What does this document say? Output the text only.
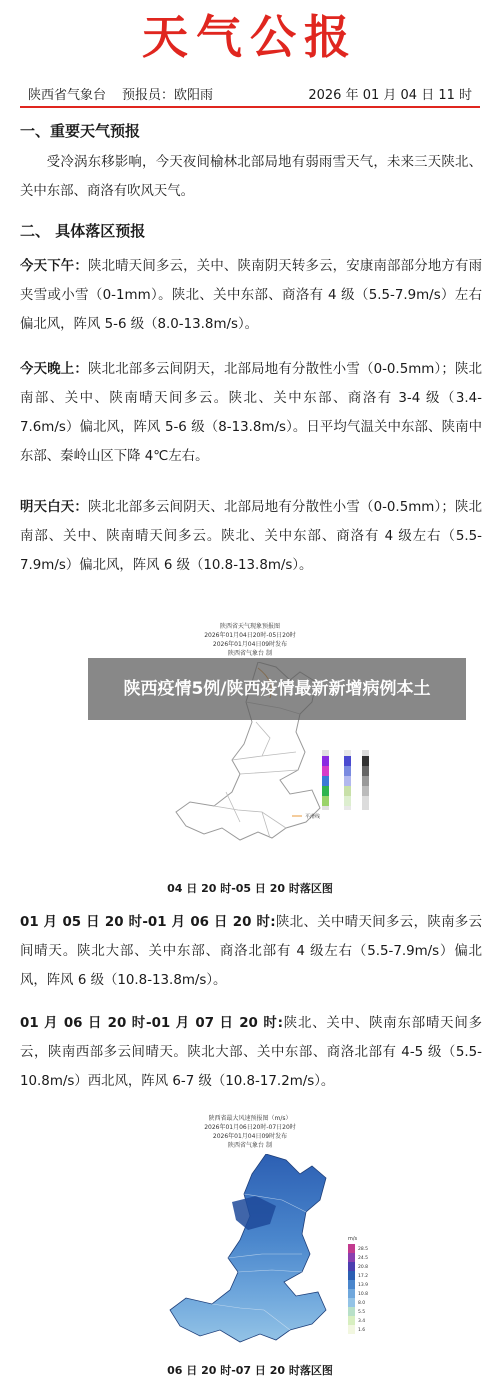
天气公报
陕西省气象台 预报员：欧阳雨	2026 年 01 月 04 日 11 时
一、重要天气预报
受冷涡东移影响，今天夜间榆林北部局地有弱雨雪天气，未来三天陕北、关中东部、商洛有吹风天气。
二、 具体落区预报
今天下午：陕北晴天间多云，关中、陕南阴天转多云，安康南部部分地方有雨夹雪或小雪（0-1mm）。陕北、关中东部、商洛有 4 级（5.5-7.9m/s）左右偏北风，阵风 5-6 级（8.0-13.8m/s）。
今天晚上：陕北北部多云间阴天，北部局地有分散性小雪（0-0.5mm）；陕北南部、关中、陕南晴天间多云。陕北、关中东部、商洛有 3-4 级（3.4-7.6m/s）偏北风，阵风 5-6 级（8-13.8m/s）。日平均气温关中东部、陕南中东部、秦岭山区下降 4℃左右。
明天白天：陕北北部多云间阴天、北部局地有分散性小雪（0-0.5mm）；陕北南部、关中、陕南晴天间多云。陕北、关中东部、商洛有 4 级左右（5.5-7.9m/s）偏北风，阵风 6 级（10.8-13.8m/s）。
陕西省天气现象预报图
2026年01月04日20时-05日20时
2026年01月04日09时发布
陕西省气象台 制
平滑线
04 日 20 时-05 日 20 时落区图
陕西疫情5例/陕西疫情最新新增病例本土
01 月 05 日 20 时-01 月 06 日 20 时:陕北、关中晴天间多云，陕南多云间晴天。陕北大部、关中东部、商洛北部有 4 级左右（5.5-7.9m/s）偏北风，阵风 6 级（10.8-13.8m/s）。
01 月 06 日 20 时-01 月 07 日 20 时:陕北、关中、陕南东部晴天间多云，陕南西部多云间晴天。陕北大部、关中东部、商洛北部有 4-5 级（5.5-10.8m/s）西北风，阵风 6-7 级（10.8-17.2m/s）。
陕西省最大风速预报图（m/s）
2026年01月06日20时-07日20时
2026年01月04日09时发布
陕西省气象台 制
m/s
28.5
24.5
20.8
17.2
13.9
10.8
8.0
5.5
3.4
1.6
06 日 20 时-07 日 20 时落区图
